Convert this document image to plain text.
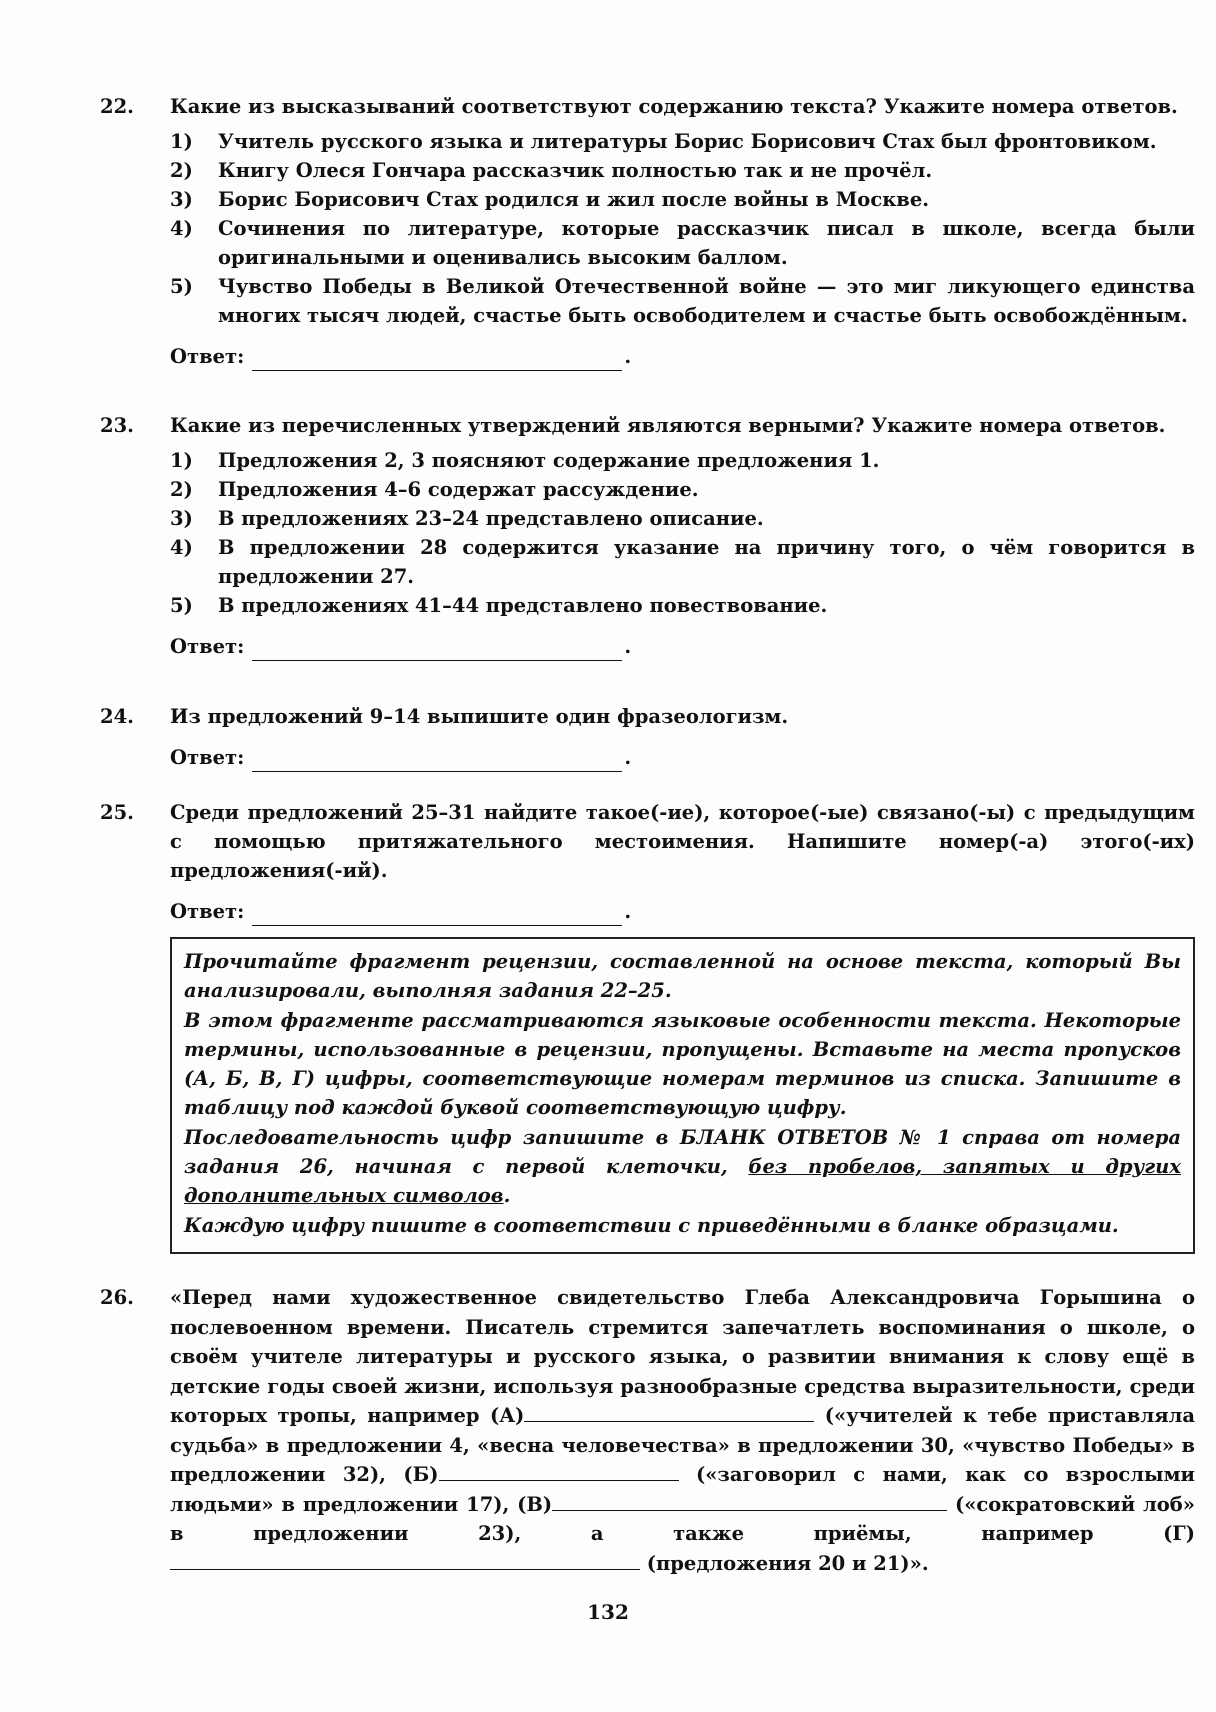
22. Какие из высказываний соответствуют содержанию текста? Укажите номера ответов.
1)	Учитель русского языка и литературы Борис Борисович Стах был фронтовиком.
2)	Книгу Олеся Гончара рассказчик полностью так и не прочёл.
3)	Борис Борисович Стах родился и жил после войны в Москве.
4)	Сочинения по литературе, которые рассказчик писал в школе, всегда были оригинальными и оценивались высоким баллом.
5)	Чувство Победы в Великой Отечественной войне — это миг ликующего единства многих тысяч людей, счастье быть освободителем и счастье быть освобождённым.
Ответ:	.
23. Какие из перечисленных утверждений являются верными? Укажите номера ответов.
1)	Предложения 2, 3 поясняют содержание предложения 1.
2)	Предложения 4–6 содержат рассуждение.
3)	В предложениях 23–24 представлено описание.
4)	В предложении 28 содержится указание на причину того, о чём говорится в предложении 27.
5)	В предложениях 41–44 представлено повествование.
Ответ:	.
24. Из предложений 9–14 выпишите один фразеологизм.
Ответ:	.
25. Среди предложений 25–31 найдите такое(-ие), которое(-ые) связано(-ы) с предыдущим с помощью притяжательного местоимения. Напишите номер(-а) этого(-их) предложения(-ий).
Ответ:	.

Прочитайте фрагмент рецензии, составленной на основе текста, который Вы анализировали, выполняя задания 22–25.

В этом фрагменте рассматриваются языковые особенности текста. Некоторые термины, использованные в рецензии, пропущены. Вставьте на места пропусков (А, Б, В, Г) цифры, соответствующие номерам терминов из списка. Запишите в таблицу под каждой буквой соответствующую цифру.

Последовательность цифр запишите в БЛАНК ОТВЕТОВ № 1 справа от номера задания 26, начиная с первой клеточки, без пробелов, запятых и других дополнительных символов.

Каждую цифру пишите в соответствии с приведёнными в бланке образцами.

26. «Перед нами художественное свидетельство Глеба Александровича Горышина о послевоенном времени. Писатель стремится запечатлеть воспоминания о школе, о своём учителе литературы и русского языка, о развитии внимания к слову ещё в детские годы своей жизни, используя разнообразные средства выразительности, среди которых тропы, например (А)	(«учителей к тебе приставляла судьба» в предложении 4, «весна человечества» в предложении 30, «чувство Победы» в предложении 32), (Б)	(«заговорил с нами, как со взрослыми людьми» в предложении 17), (В)	(«сократовский лоб» в предложении 23), а также приёмы, например (Г) (предложения 20 и 21)».
132
